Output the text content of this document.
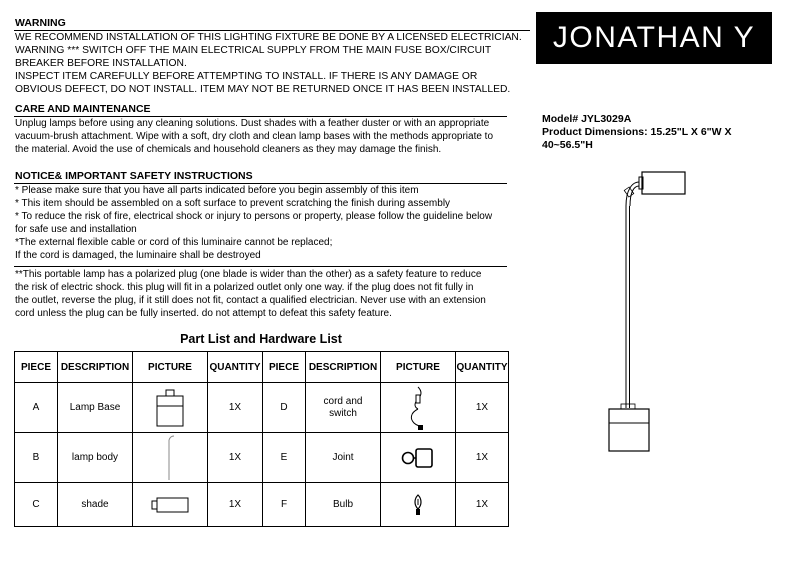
WARNING
WE RECOMMEND INSTALLATION OF THIS LIGHTING FIXTURE BE DONE BY A LICENSED ELECTRICIAN.
WARNING *** SWITCH OFF THE MAIN ELECTRICAL SUPPLY FROM THE MAIN FUSE BOX/CIRCUIT
BREAKER BEFORE INSTALLATION.
INSPECT ITEM CAREFULLY BEFORE ATTEMPTING TO INSTALL. IF THERE IS ANY DAMAGE OR
OBVIOUS DEFECT, DO NOT INSTALL. ITEM MAY NOT BE RETURNED ONCE IT HAS BEEN INSTALLED.
CARE AND MAINTENANCE
Unplug lamps before using any cleaning solutions. Dust shades with a feather duster or with an appropriate
vacuum-brush attachment. Wipe with a soft, dry cloth and clean lamp bases with the methods appropriate to
the material. Avoid the use of chemicals and household cleaners as they may damage the finish.
NOTICE& IMPORTANT SAFETY INSTRUCTIONS
* Please make sure that you have all parts indicated before you begin assembly of this item
* This item should be assembled on a soft surface to prevent scratching the finish during assembly
* To reduce the risk of fire, electrical shock or injury to persons or property, please follow the guideline below
for safe use and installation
*The external flexible cable or cord of this luminaire cannot be replaced;
If the cord is damaged, the luminaire shall be destroyed
**This portable lamp has a polarized plug (one blade is wider than the other) as a safety feature to reduce
the risk of electric shock. this plug will fit in a polarized outlet only one way. if the plug does not fit fully in
the outlet, reverse the plug, if it still does not fit, contact a qualified electrician. Never use with an extension
cord unless the plug can be fully inserted. do not attempt to defeat this safety feature.
Part List and Hardware List
PIECE	DESCRIPTION	PICTURE	QUANTITY	PIECE	DESCRIPTION	PICTURE	QUANTITY
A	Lamp Base		1X	D	cord and switch		1X
B	lamp body		1X	E	Joint		1X
C	shade		1X	F	Bulb		1X
JONATHAN Y
Model# JYL3029A
Product Dimensions: 15.25"L X 6"W X
40~56.5"H
